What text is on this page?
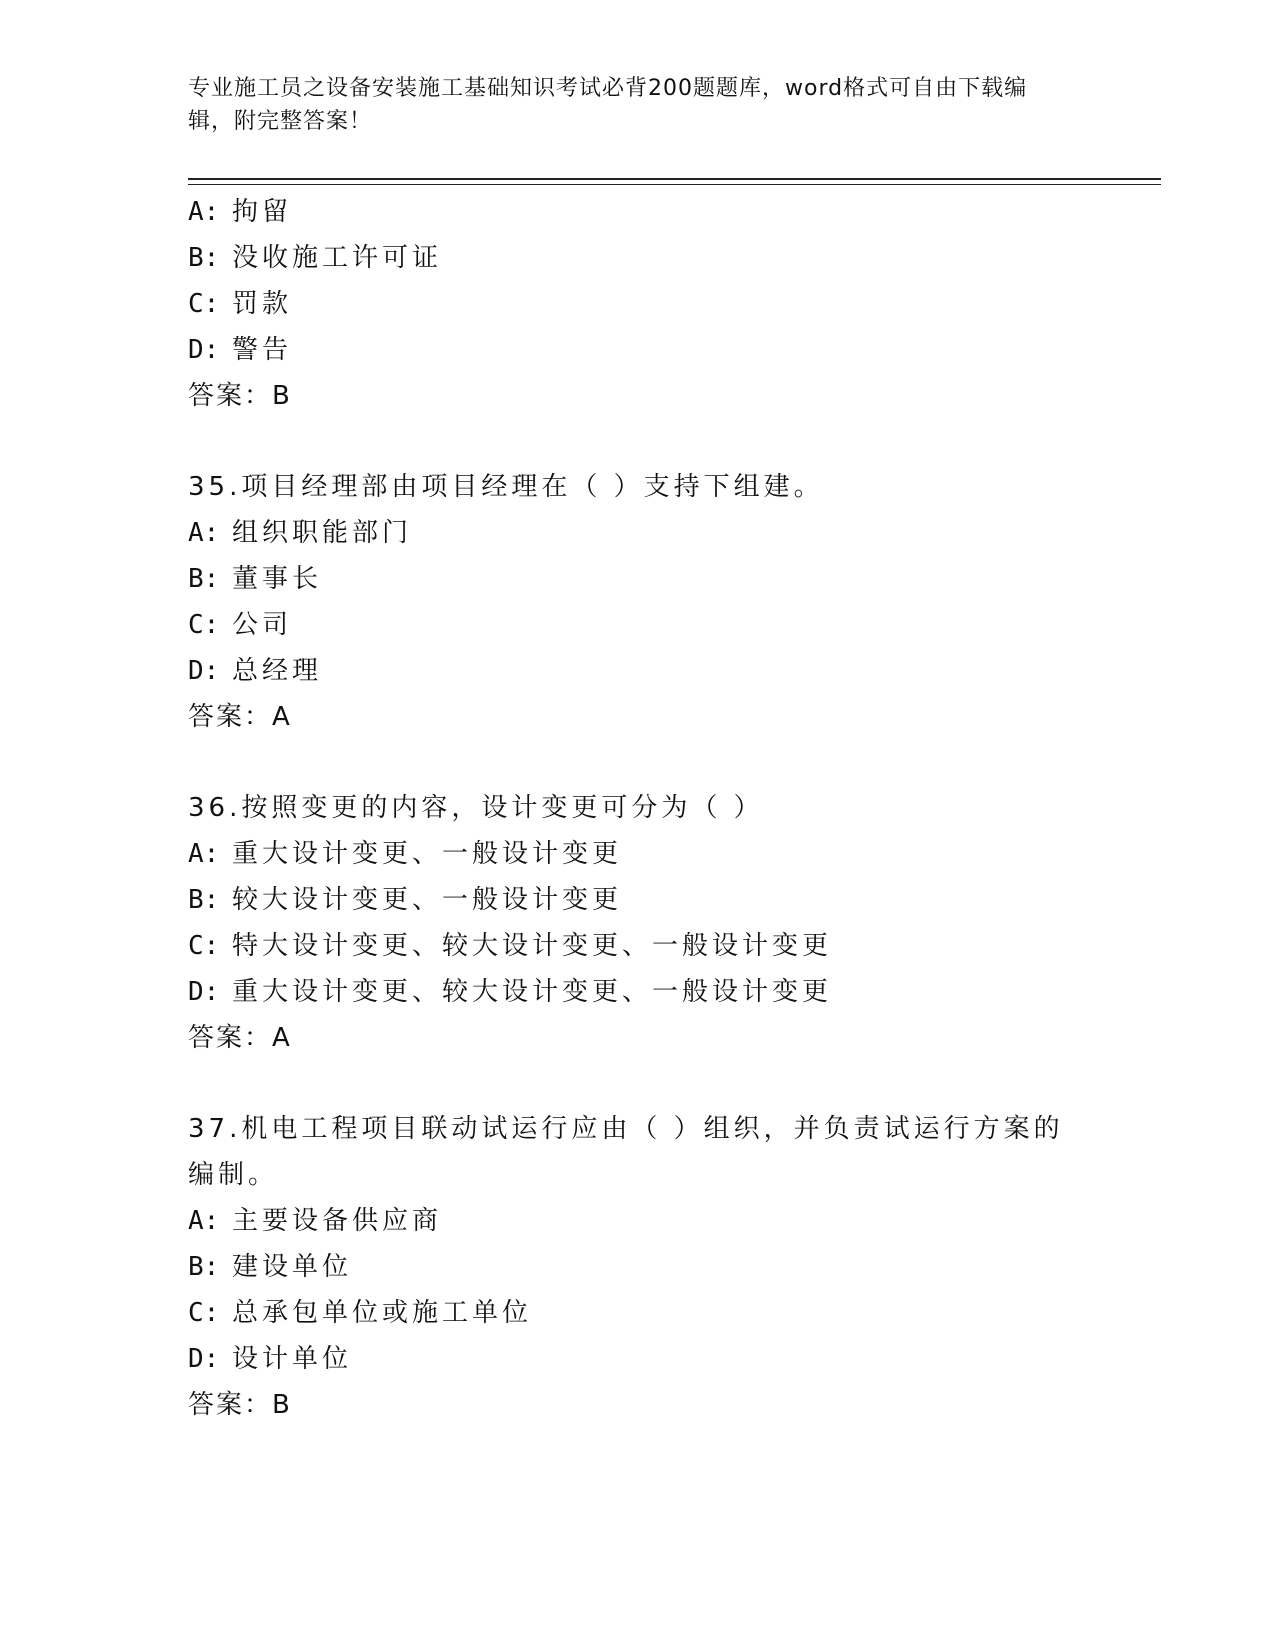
专业施工员之设备安装施工基础知识考试必背200题题库，word格式可自由下载编辑，附完整答案！
A: 拘留
B: 没收施工许可证
C: 罚款
D: 警告
答案：B
35.项目经理部由项目经理在（ ）支持下组建。
A: 组织职能部门
B: 董事长
C: 公司
D: 总经理
答案：A
36.按照变更的内容，设计变更可分为（ ）
A: 重大设计变更、一般设计变更
B: 较大设计变更、一般设计变更
C: 特大设计变更、较大设计变更、一般设计变更
D: 重大设计变更、较大设计变更、一般设计变更
答案：A
37.机电工程项目联动试运行应由（ ）组织，并负责试运行方案的编制。
A: 主要设备供应商
B: 建设单位
C: 总承包单位或施工单位
D: 设计单位
答案：B
